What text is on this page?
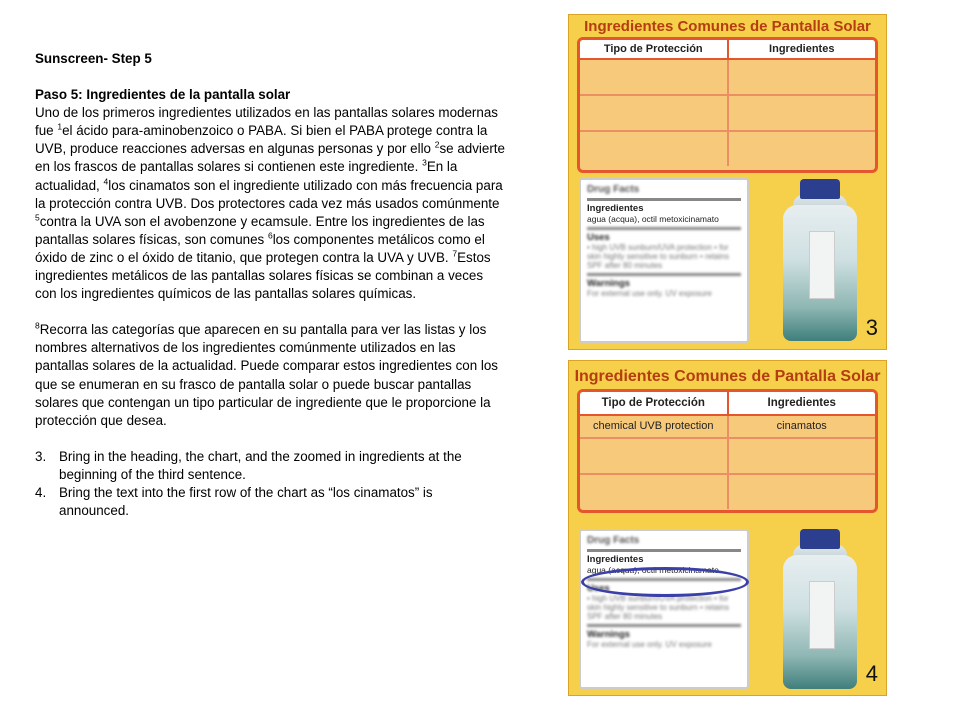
Sunscreen- Step 5

Paso 5: Ingredientes de la pantalla solar

Uno de los primeros ingredientes utilizados en las pantallas solares modernas fue $^1$el ácido para-aminobenzoico o PABA. Si bien el PABA protege contra la UVB, produce reacciones adversas en algunas personas y por ello $^2$se advierte en los frascos de pantallas solares si contienen este ingrediente. $^3$En la actualidad, $^4$los cinamatos son el ingrediente utilizado con más frecuencia para la protección contra UVB. Dos protectores cada vez más usados comúnmente $^5$contra la UVA son el avobenzone y ecamsule. Entre los ingredientes de las pantallas solares físicas, son comunes $^6$los componentes metálicos como el óxido de zinc o el óxido de titanio, que protegen contra la UVA y UVB. $^7$Estos ingredientes metálicos de las pantallas solares físicas se combinan a veces con los ingredientes químicos de las pantallas solares químicas.

$^8$Recorra las categorías que aparecen en su pantalla para ver las listas y los nombres alternativos de los ingredientes comúnmente utilizados en las pantallas solares de la actualidad. Puede comparar estos ingredientes con los que se enumeran en su frasco de pantalla solar o puede buscar pantallas solares que contengan un tipo particular de ingrediente que le proporcione la protección que desea.

3. Bring in the heading, the chart, and the zoomed in ingredients at the beginning of the third sentence.
4. Bring the text into the first row of the chart as “los cinamatos” is announced.
Ingredientes Comunes de Pantalla Solar
Tipo de Protección	Ingredientes
Drug Facts
Ingredientes
agua (acqua), octil metoxicinamato
Uses
• high UVB sunburn/UVA protection • for skin highly sensitive to sunburn • retains SPF after 80 minutes
Warnings
For external use only. UV exposure
3
Ingredientes Comunes de Pantalla Solar
Tipo de Protección	Ingredientes
chemical UVB protection	cinamatos
Drug Facts
Ingredientes
agua (acqua), octil metoxicinamato
Uses
• high UVB sunburn/UVA protection • for skin highly sensitive to sunburn • retains SPF after 80 minutes
Warnings
For external use only. UV exposure
4
